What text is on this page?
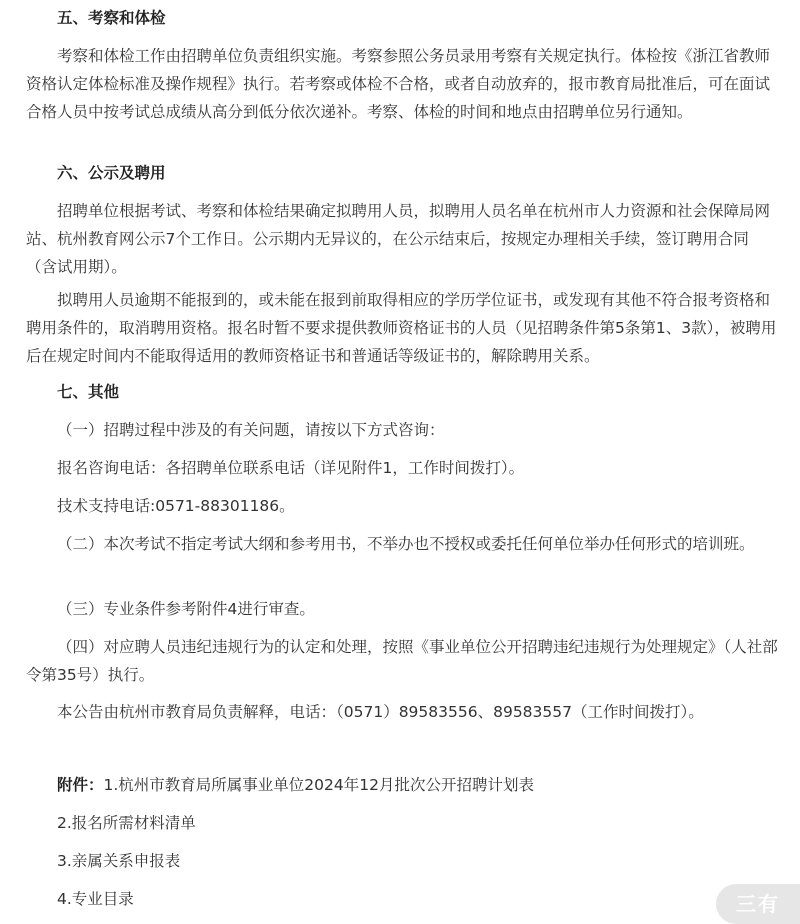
五、考察和体检

考察和体检工作由招聘单位负责组织实施。考察参照公务员录用考察有关规定执行。体检按《浙江省教师资格认定体检标准及操作规程》执行。若考察或体检不合格，或者自动放弃的，报市教育局批准后，可在面试合格人员中按考试总成绩从高分到低分依次递补。考察、体检的时间和地点由招聘单位另行通知。

六、公示及聘用

招聘单位根据考试、考察和体检结果确定拟聘用人员，拟聘用人员名单在杭州市人力资源和社会保障局网站、杭州教育网公示7个工作日。公示期内无异议的，在公示结束后，按规定办理相关手续，签订聘用合同（含试用期）。

拟聘用人员逾期不能报到的，或未能在报到前取得相应的学历学位证书，或发现有其他不符合报考资格和聘用条件的，取消聘用资格。报名时暂不要求提供教师资格证书的人员（见招聘条件第5条第1、3款），被聘用后在规定时间内不能取得适用的教师资格证书和普通话等级证书的，解除聘用关系。

七、其他

（一）招聘过程中涉及的有关问题，请按以下方式咨询：

报名咨询电话：各招聘单位联系电话（详见附件1，工作时间拨打）。

技术支持电话:0571-88301186。

（二）本次考试不指定考试大纲和参考用书，不举办也不授权或委托任何单位举办任何形式的培训班。

（三）专业条件参考附件4进行审查。

（四）对应聘人员违纪违规行为的认定和处理，按照《事业单位公开招聘违纪违规行为处理规定》（人社部令第35号）执行。

本公告由杭州市教育局负责解释，电话：（0571）89583556、89583557（工作时间拨打）。

附件：1.杭州市教育局所属事业单位2024年12月批次公开招聘计划表

2.报名所需材料清单

3.亲属关系申报表

4.专业目录	三有
